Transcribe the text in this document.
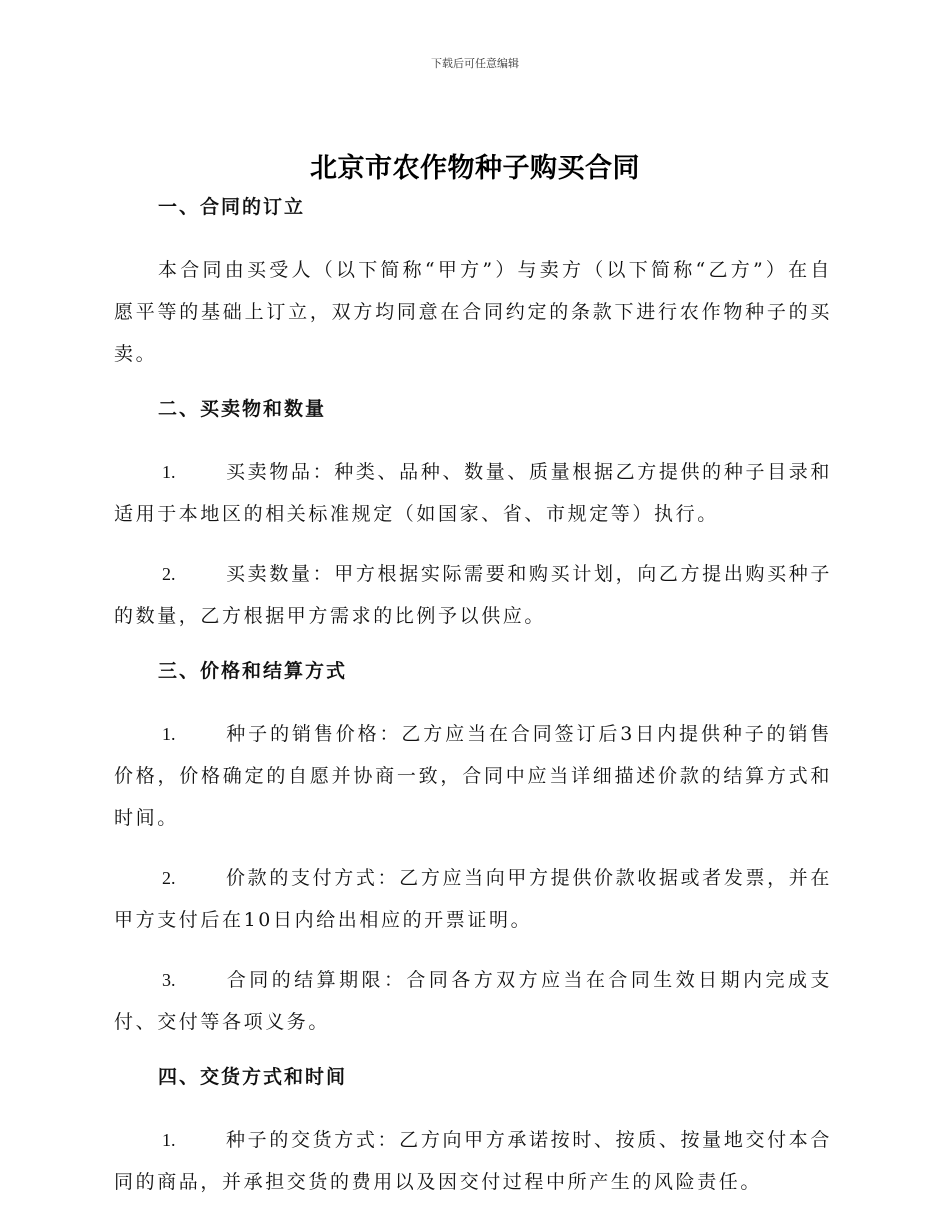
下载后可任意编辑
北京市农作物种子购买合同
一、合同的订立

本合同由买受人（以下简称“甲方”）与卖方（以下简称“乙方”）在自愿平等的基础上订立，双方均同意在合同约定的条款下进行农作物种子的买卖。

二、买卖物和数量

1.	买卖物品：种类、品种、数量、质量根据乙方提供的种子目录和适用于本地区的相关标准规定（如国家、省、市规定等）执行。

2.	买卖数量：甲方根据实际需要和购买计划，向乙方提出购买种子的数量，乙方根据甲方需求的比例予以供应。

三、价格和结算方式

1.	种子的销售价格：乙方应当在合同签订后3日内提供种子的销售价格，价格确定的自愿并协商一致，合同中应当详细描述价款的结算方式和时间。

2.	价款的支付方式：乙方应当向甲方提供价款收据或者发票，并在甲方支付后在10日内给出相应的开票证明。

3.	合同的结算期限：合同各方双方应当在合同生效日期内完成支付、交付等各项义务。

四、交货方式和时间

1.	种子的交货方式：乙方向甲方承诺按时、按质、按量地交付本合同的商品，并承担交货的费用以及因交付过程中所产生的风险责任。
